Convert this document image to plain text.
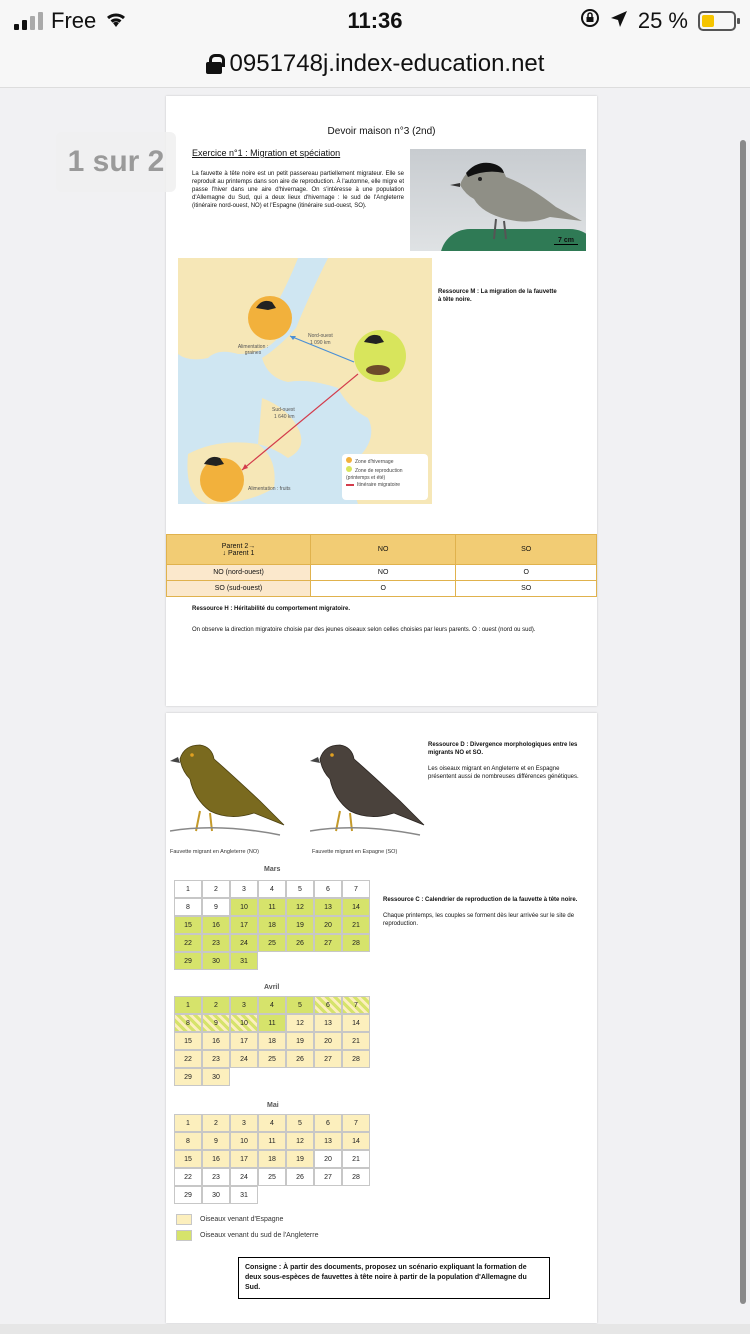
Free	11:36	25 %
0951748j.index-education.net
Devoir maison n°3 (2nd)
Exercice n°1 : Migration et spéciation
La fauvette à tête noire est un petit passereau partiellement migrateur. Elle se reproduit au printemps dans son aire de reproduction. À l'automne, elle migre et passe l'hiver dans une aire d'hivernage. On s'intéresse à une population d'Allemagne du Sud, qui a deux lieux d'hivernage : le sud de l'Angleterre (itinéraire nord-ouest, NO) et l'Espagne (itinéraire sud-ouest, SO).
7 cm
Alimentation : graines
Nord-ouest
1 090 km
Sud-ouest
1 640 km
Alimentation : fruits
Zone d'hivernage
Zone de reproduction (printemps et été)
Itinéraire migratoire
Ressource M : La migration de la fauvette à tête noire.
Parent 2→
↓ Parent 1	NO	SO
NO (nord-ouest)	NO	O
SO (sud-ouest)	O	SO
Ressource H : Héritabilité du comportement migratoire.
On observe la direction migratoire choisie par des jeunes oiseaux selon celles choisies par leurs parents. O : ouest (nord ou sud).
Fauvette migrant en Angleterre (NO)	Fauvette migrant en Espagne (SO)
Ressource D : Divergence morphologiques entre les migrants NO et SO.
Les oiseaux migrant en Angleterre et en Espagne présentent aussi de nombreuses différences génétiques.
Mars
1	2	3	4	5	6	7
8	9	10	11	12	13	14
15	16	17	18	19	20	21
22	23	24	25	26	27	28
29	30	31
Ressource C : Calendrier de reproduction de la fauvette à tête noire.
Chaque printemps, les couples se forment dès leur arrivée sur le site de reproduction.
Avril
1	2	3	4	5	6	7
8	9	10	11	12	13	14
15	16	17	18	19	20	21
22	23	24	25	26	27	28
29	30
Mai
1	2	3	4	5	6	7
8	9	10	11	12	13	14
15	16	17	18	19	20	21
22	23	24	25	26	27	28
29	30	31
Oiseaux venant d'Espagne
Oiseaux venant du sud de l'Angleterre
Consigne : À partir des documents, proposez un scénario expliquant la formation de deux sous-espèces de fauvettes à tête noire à partir de la population d'Allemagne du Sud.
1 sur 2
